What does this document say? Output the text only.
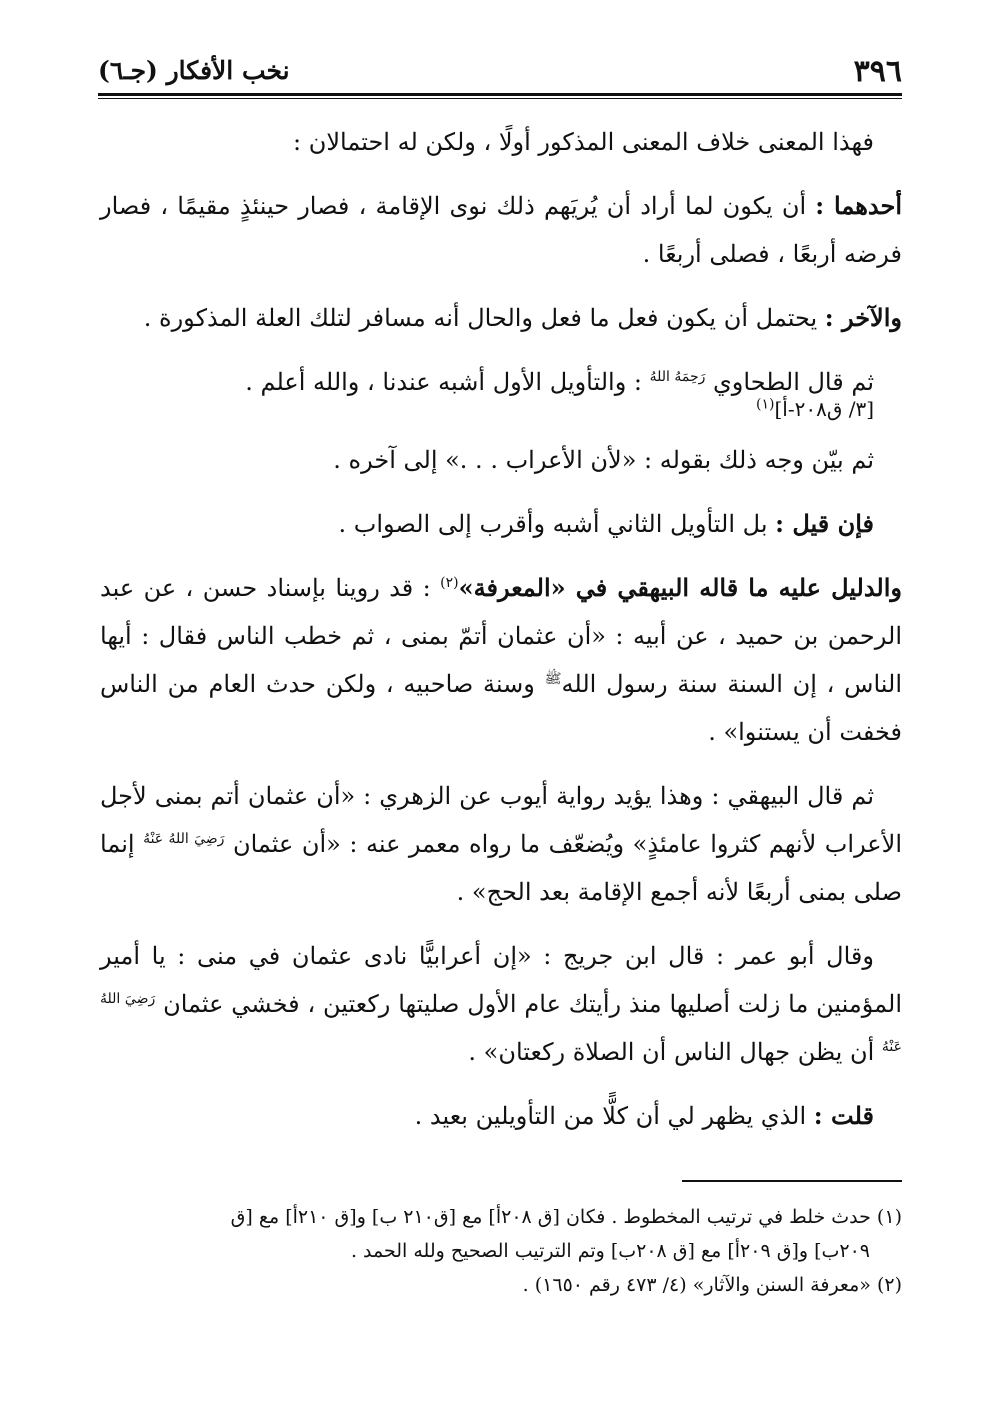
٣٩٦
نخب الأفكار (جـ٦)

فهذا المعنى خلاف المعنى المذكور أولًا ، ولكن له احتمالان :

أحدهما : أن يكون لما أراد أن يُريَهم ذلك نوى الإقامة ، فصار حينئذٍ مقيمًا ، فصار فرضه أربعًا ، فصلى أربعًا .

والآخر : يحتمل أن يكون فعل ما فعل والحال أنه مسافر لتلك العلة المذكورة .

ثم قال الطحاوي $^{رَحِمَهُ اللهُ}$ : والتأويل الأول أشبه عندنا ، والله أعلم .
[٣/ ق٢٠٨-أ]$^{(١)}$

ثم بيّن وجه ذلك بقوله : «لأن الأعراب . . .» إلى آخره .

فإن قيل : بل التأويل الثاني أشبه وأقرب إلى الصواب .

والدليل عليه ما قاله البيهقي في «المعرفة»$^{(٢)}$ : قد روينا بإسناد حسن ، عن عبد الرحمن بن حميد ، عن أبيه : «أن عثمان أتمّ بمنى ، ثم خطب الناس فقال : أيها الناس ، إن السنة سنة رسول الله$^ﷺ$ وسنة صاحبيه ، ولكن حدث العام من الناس فخفت أن يستنوا» .

ثم قال البيهقي : وهذا يؤيد رواية أيوب عن الزهري : «أن عثمان أتم بمنى لأجل الأعراب لأنهم كثروا عامئذٍ» ويُضعّف ما رواه معمر عنه : «أن عثمان $^{رَضِيَ اللهُ عَنْهُ}$ إنما صلى بمنى أربعًا لأنه أجمع الإقامة بعد الحج» .

وقال أبو عمر : قال ابن جريج : «إن أعرابيًّا نادى عثمان في منى : يا أمير المؤمنين ما زلت أصليها منذ رأيتك عام الأول صليتها ركعتين ، فخشي عثمان $^{رَضِيَ اللهُ عَنْهُ}$ أن يظن جهال الناس أن الصلاة ركعتان» .

قلت : الذي يظهر لي أن كلًّا من التأويلين بعيد .

(١) حدث خلط في ترتيب المخطوط . فكان [ق ٢٠٨أ] مع [ق٢١٠ ب] و[ق ٢١٠أ] مع [ق

٢٠٩ب] و[ق ٢٠٩أ] مع [ق ٢٠٨ب] وتم الترتيب الصحيح ولله الحمد .

(٢) «معرفة السنن والآثار» (٤/ ٤٧٣ رقم ١٦٥٠) .
